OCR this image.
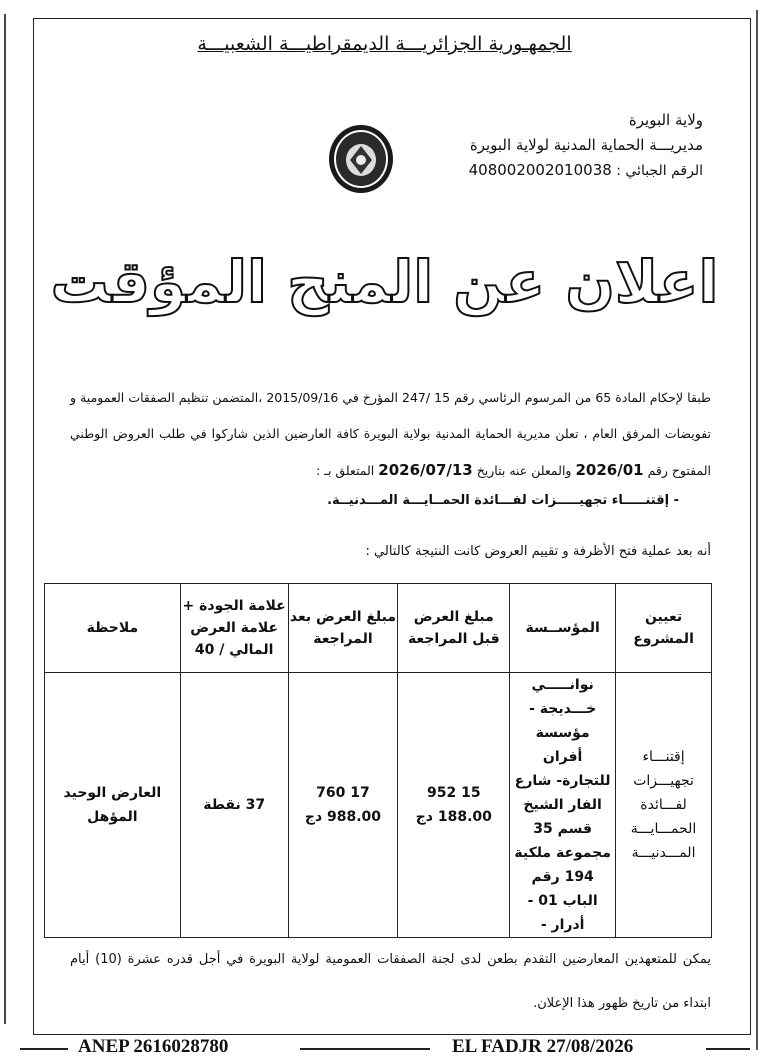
الجمهـورية الجزائريـــة الديمقراطيـــة الشعبيـــة
ولاية البويرة
مديريـــة الحماية المدنية لولاية البويرة
الرقم الجبائي : 408002002010038
اعلان عن المنح المؤقت
طبقا لإحكام المادة 65 من المرسوم الرئاسي رقم 15 /247 المؤرخ في 2015/09/16 ،المتضمن تنظيم الصفقات العمومية و تفويضات المرفق العام ، تعلن مديرية الحماية المدنية بولاية البويرة كافة العارضين الذين شاركوا في طلب العروض الوطني المفتوح رقم 2026/01 والمعلن عنه بتاريخ 2026/07/13 المتعلق بـ :
- إقتنـــــاء تجهيـــــزات لفـــائدة الحمــايـــة المـــدنيــة.
أنه بعد عملية فتح الأظرفة و تقييم العروض كانت النتيجة كالتالي :
تعيين المشروع	المؤســسة	مبلغ العرض قبل المراجعة	مبلغ العرض بعد المراجعة	علامة الجودة + علامة العرض المالي / 40	ملاحظة
إقتنـــاء تجهيـــزات لفـــائدة الحمـــايـــة المـــدنيـــة	نوانـــــي خـــديجة - مؤسسة أفران للتجارة- شارع الفار الشيخ قسم 35 مجموعة ملكية 194 رقم الباب 01 - أدرار -	15 952 188.00 دج	17 760 988.00 دج	37 نقطة	العارض الوحيد المؤهل
يمكن للمتعهدين المعارضين التقدم بطعن لدى لجنة الصفقات العمومية لولاية البويرة في أجل قدره عشرة (10) أيام ابتداء من تاريخ ظهور هذا الإعلان.
ANEP 2616028780	EL FADJR 27/08/2026
